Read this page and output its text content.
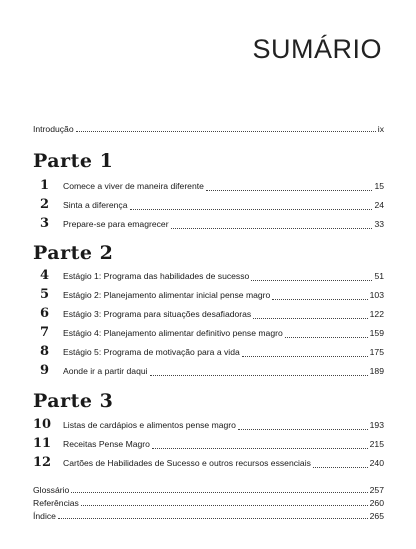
SUMÁRIO
Introdução	ix
Parte 1
1	Comece a viver de maneira diferente	15
2	Sinta a diferença	24
3	Prepare-se para emagrecer	33
Parte 2
4	Estágio 1: Programa das habilidades de sucesso	51
5	Estágio 2: Planejamento alimentar inicial pense magro	103
6	Estágio 3: Programa para situações desafiadoras	122
7	Estágio 4: Planejamento alimentar definitivo pense magro	159
8	Estágio 5: Programa de motivação para a vida	175
9	Aonde ir a partir daqui	189
Parte 3
10	Listas de cardápios e alimentos pense magro	193
11	Receitas Pense Magro	215
12	Cartões de Habilidades de Sucesso e outros recursos essenciais	240
Glossário	257
Referências	260
Índice	265
